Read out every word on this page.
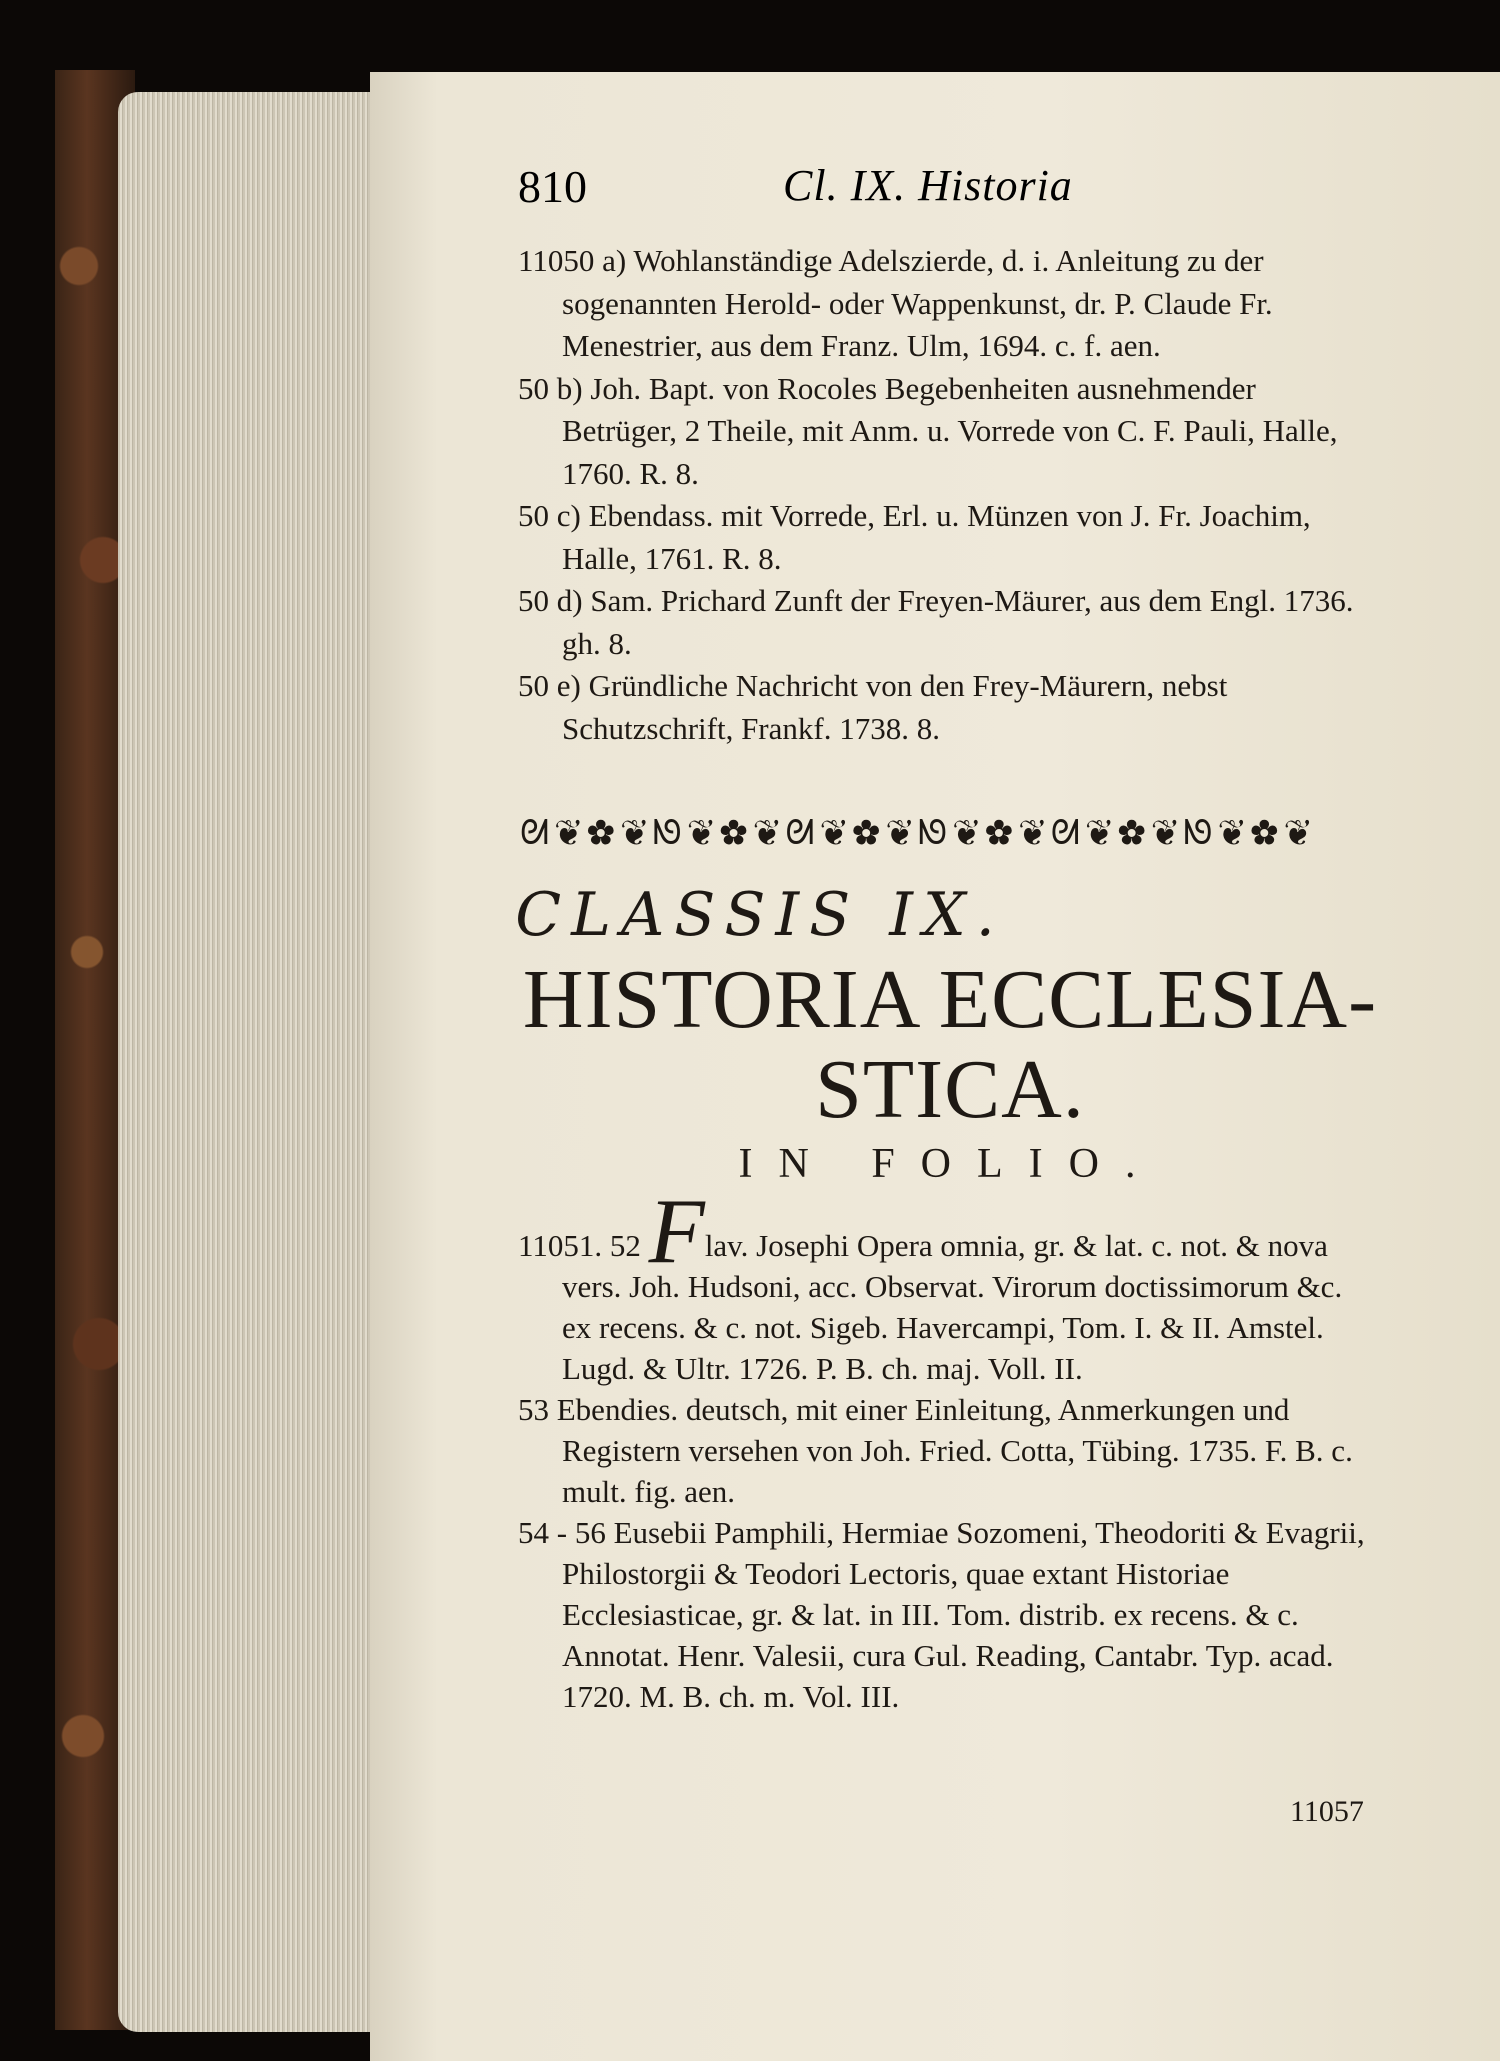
810	Cl. IX. Historia

11050 a) Wohlanständige Adelszierde, d. i. Anleitung zu der sogenannten Herold- oder Wappenkunst, dr. P. Claude Fr. Menestrier, aus dem Franz. Ulm, 1694. c. f. aen.

50 b) Joh. Bapt. von Rocoles Begebenheiten ausnehmender Betrüger, 2 Theile, mit Anm. u. Vorrede von C. F. Pauli, Halle, 1760. R. 8.

50 c) Ebendass. mit Vorrede, Erl. u. Münzen von J. Fr. Joachim, Halle, 1761. R. 8.

50 d) Sam. Prichard Zunft der Freyen-Mäurer, aus dem Engl. 1736. gh. 8.

50 e) Gründliche Nachricht von den Frey-Mäurern, nebst Schutzschrift, Frankf. 1738. 8.

ᘛ❦✿❦ᘚ❦✿❦ᘛ❦✿❦ᘚ❦✿❦ᘛ❦✿❦ᘚ❦✿❦
CLASSIS IX.
HISTORIA ECCLESIA-STICA.
IN FOLIO.

11051. 52 Flav. Josephi Opera omnia, gr. & lat. c. not. & nova vers. Joh. Hudsoni, acc. Observat. Virorum doctissimorum &c. ex recens. & c. not. Sigeb. Havercampi, Tom. I. & II. Amstel. Lugd. & Ultr. 1726. P. B. ch. maj. Voll. II.

53 Ebendies. deutsch, mit einer Einleitung, Anmerkungen und Registern versehen von Joh. Fried. Cotta, Tübing. 1735. F. B. c. mult. fig. aen.

54 - 56 Eusebii Pamphili, Hermiae Sozomeni, Theodoriti & Evagrii, Philostorgii & Teodori Lectoris, quae extant Historiae Ecclesiasticae, gr. & lat. in III. Tom. distrib. ex recens. & c. Annotat. Henr. Valesii, cura Gul. Reading, Cantabr. Typ. acad. 1720. M. B. ch. m. Vol. III.

11057
